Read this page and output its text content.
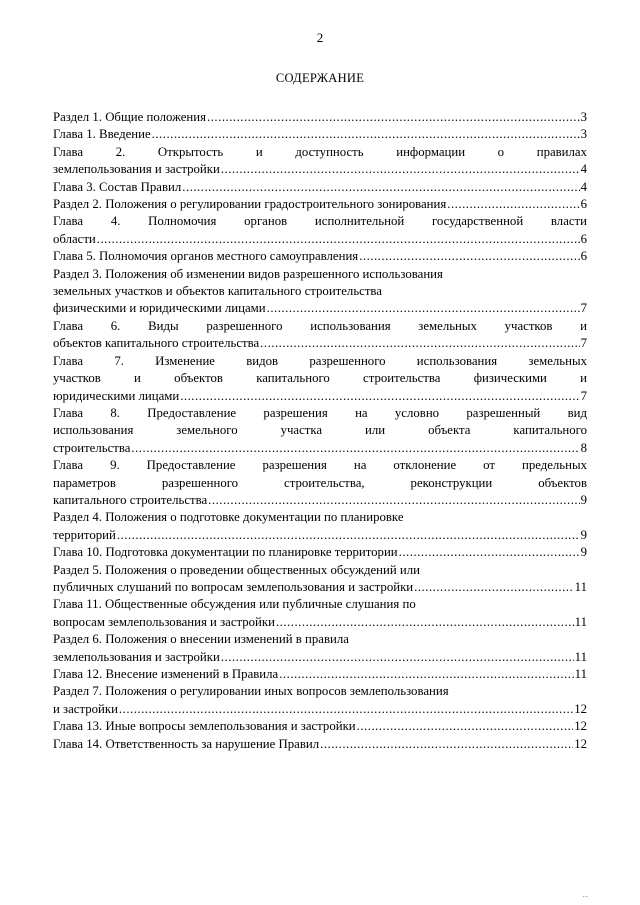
2
СОДЕРЖАНИЕ
Раздел 1. Общие положения .....	3
Глава 1. Введение .....	3
Глава 2. Открытость и доступность информации о правилах
землепользования и застройки .....	4
Глава 3. Состав Правил .....	4
Раздел 2. Положения о регулировании градостроительного зонирования .....	6
Глава 4. Полномочия органов исполнительной государственной власти
области .....	6
Глава 5. Полномочия органов местного самоуправления .....	6
Раздел 3. Положения об изменении видов разрешенного использования
земельных участков и объектов капитального строительства
физическими и юридическими лицами .....	7
Глава 6. Виды разрешенного использования земельных участков и
объектов капитального строительства .....	7
Глава 7. Изменение видов разрешенного использования земельных
участков и объектов капитального строительства физическими и
юридическими лицами .....	7
Глава 8. Предоставление разрешения на условно разрешенный вид
использования земельного участка или объекта капитального
строительства .....	8
Глава 9. Предоставление разрешения на отклонение от предельных
параметров разрешенного строительства, реконструкции объектов
капитального строительства .....	9
Раздел 4. Положения о подготовке документации по планировке
территорий .....	9
Глава 10. Подготовка документации по планировке территории .....	9
Раздел 5. Положения о проведении общественных обсуждений или
публичных слушаний по вопросам землепользования и застройки .....	11
Глава 11. Общественные обсуждения или публичные слушания по
вопросам землепользования и застройки .....	11
Раздел 6. Положения о внесении изменений в правила
землепользования и застройки .....	11
Глава 12. Внесение изменений в Правила .....	11
Раздел 7. Положения о регулировании иных вопросов землепользования
и застройки .....	12
Глава 13. Иные вопросы землепользования и застройки .....	12
Глава 14. Ответственность за нарушение Правил .....	12
...
